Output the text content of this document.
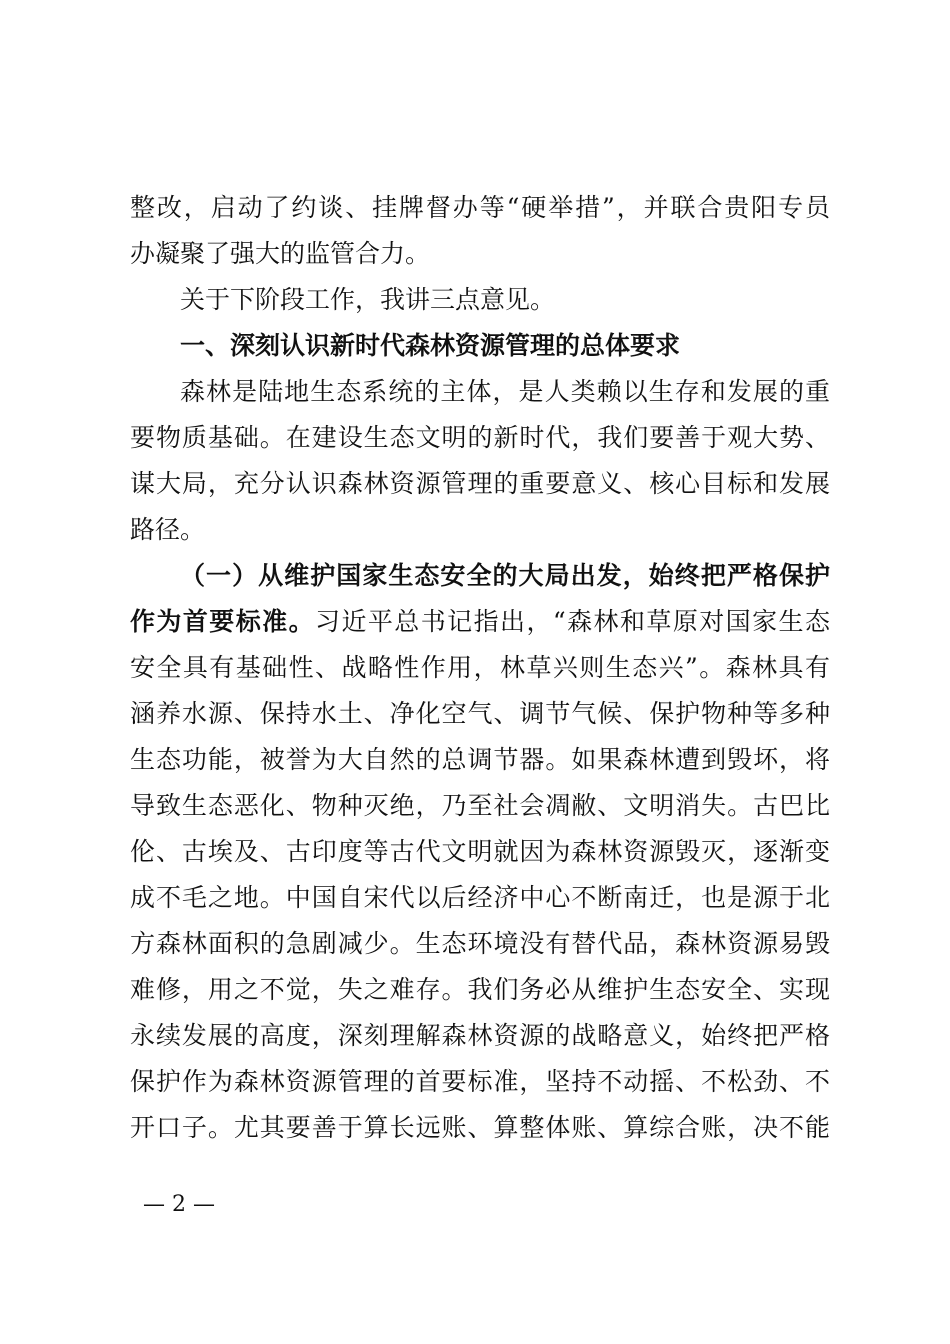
整改，启动了约谈、挂牌督办等“硬举措”，并联合贵阳专员
办凝聚了强大的监管合力。
关于下阶段工作，我讲三点意见。
一、深刻认识新时代森林资源管理的总体要求
森林是陆地生态系统的主体，是人类赖以生存和发展的重
要物质基础。在建设生态文明的新时代，我们要善于观大势、
谋大局，充分认识森林资源管理的重要意义、核心目标和发展
路径。
（一）从维护国家生态安全的大局出发，始终把严格保护
作为首要标准。习近平总书记指出，“森林和草原对国家生态
安全具有基础性、战略性作用，林草兴则生态兴”。森林具有
涵养水源、保持水土、净化空气、调节气候、保护物种等多种
生态功能，被誉为大自然的总调节器。如果森林遭到毁坏，将
导致生态恶化、物种灭绝，乃至社会凋敝、文明消失。古巴比
伦、古埃及、古印度等古代文明就因为森林资源毁灭，逐渐变
成不毛之地。中国自宋代以后经济中心不断南迁，也是源于北
方森林面积的急剧减少。生态环境没有替代品，森林资源易毁
难修，用之不觉，失之难存。我们务必从维护生态安全、实现
永续发展的高度，深刻理解森林资源的战略意义，始终把严格
保护作为森林资源管理的首要标准，坚持不动摇、不松劲、不
开口子。尤其要善于算长远账、算整体账、算综合账，决不能
— 2 —
